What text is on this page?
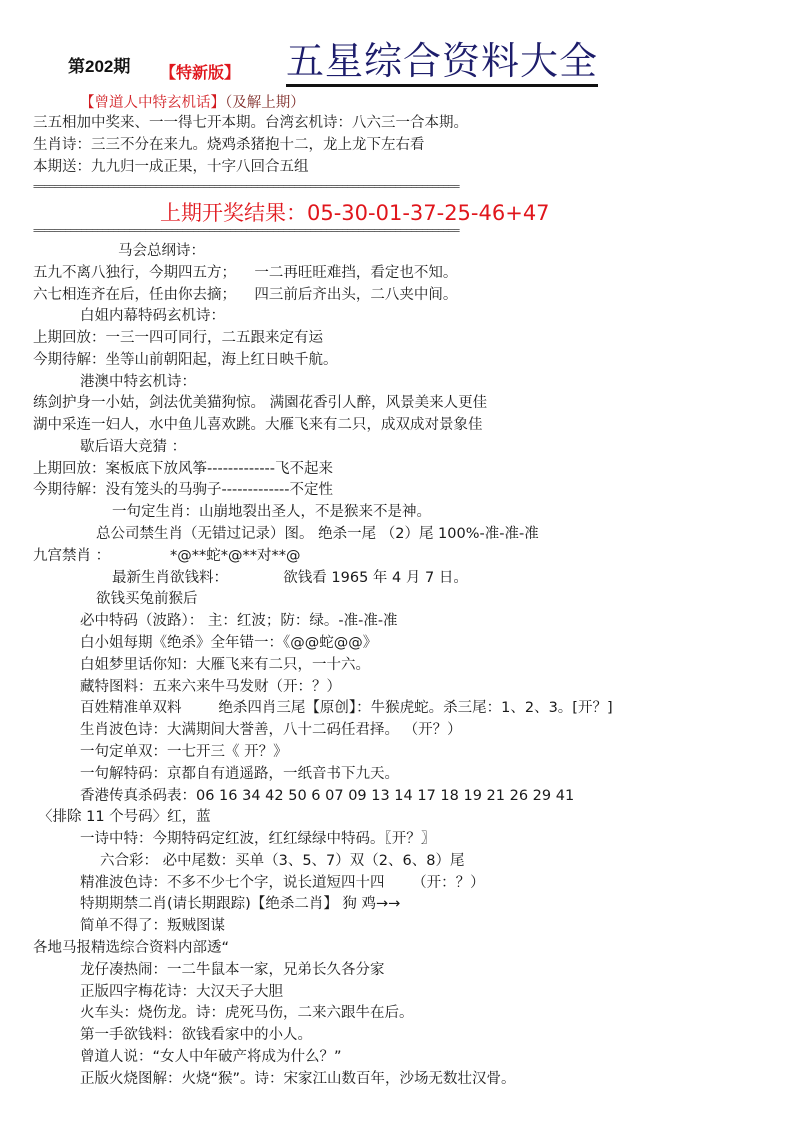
第202期 【特新版】 五星综合资料大全
【曾道人中特玄机话】（及解上期）
三五相加中奖来、一一得七开本期。台湾玄机诗：八六三一合本期。
生肖诗：三三不分在来九。烧鸡杀猪抱十二，龙上龙下左右看
本期送：九九归一成正果，十字八回合五组
================================================================================
上期开奖结果：05-30-01-37-25-46+47
================================================================================
马会总纲诗：
五九不离八独行，今期四五方；    一二再旺旺难挡，看定也不知。
六七相连齐在后，任由你去摘；    四三前后齐出头，二八夹中间。
白姐内幕特码玄机诗：
上期回放：一三一四可同行，二五跟来定有运
今期待解：坐等山前朝阳起，海上红日映千航。
港澳中特玄机诗：
练剑护身一小姑，剑法优美猫狗惊。 满園花香引人醉，风景美来人更佳
湖中采连一妇人，水中鱼儿喜欢跳。大雁飞来有二只，成双成对景象佳
歇后语大竞猜 ：
上期回放：案板底下放风筝-------------飞不起来
今期待解：没有笼头的马驹子-------------不定性
一句定生肖：山崩地裂出圣人，不是猴来不是神。
总公司禁生肖（无错过记录）图。 绝杀一尾 （2）尾 100%-准-准-准
九宫禁肖 ：             *@**蛇*@**对**@
最新生肖欲钱料：            欲钱看 1965 年 4 月 7 日。
欲钱买兔前猴后
必中特码（波路）： 主：红波；防：绿。-准-准-准
白小姐每期《绝杀》全年错一：《@@蛇@@》
白姐梦里话你知：大雁飞来有二只，一十六。
藏特图料：五来六来牛马发财（开：？）
百姓精准单双料        绝杀四肖三尾【原创】：牛猴虎蛇。杀三尾：1、2、3。[开？]
生肖波色诗：大满期间大誉善，八十二码任君择。 （开？）
一句定单双：一七开三《 开？》
一句解特码：京都自有逍遥路，一纸音书下九天。
香港传真杀码表：06 16 34 42 50 6 07 09 13 14 17 18 19 21 26 29 41
〈排除 11 个号码〉红，蓝
一诗中特：今期特码定红波，红红绿绿中特码。〖开？〗
六合彩： 必中尾数：买单（3、5、7）双（2、6、8）尾
精准波色诗：不多不少七个字，说长道短四十四      （开：？）
特期期禁二肖(请长期跟踪)【绝杀二肖】 狗 鸡→→
简单不得了：叛贼图谋
各地马报精选综合资料内部透“
龙仔凑热闹：一二牛鼠本一家，兄弟长久各分家
正版四字梅花诗：大汉天子大胆
火车头：烧伤龙。诗：虎死马伤，二来六跟牛在后。
第一手欲钱料：欲钱看家中的小人。
曾道人说：“女人中年破产将成为什么？”
正版火烧图解：火烧“猴”。诗：宋家江山数百年，沙场无数壮汉骨。
